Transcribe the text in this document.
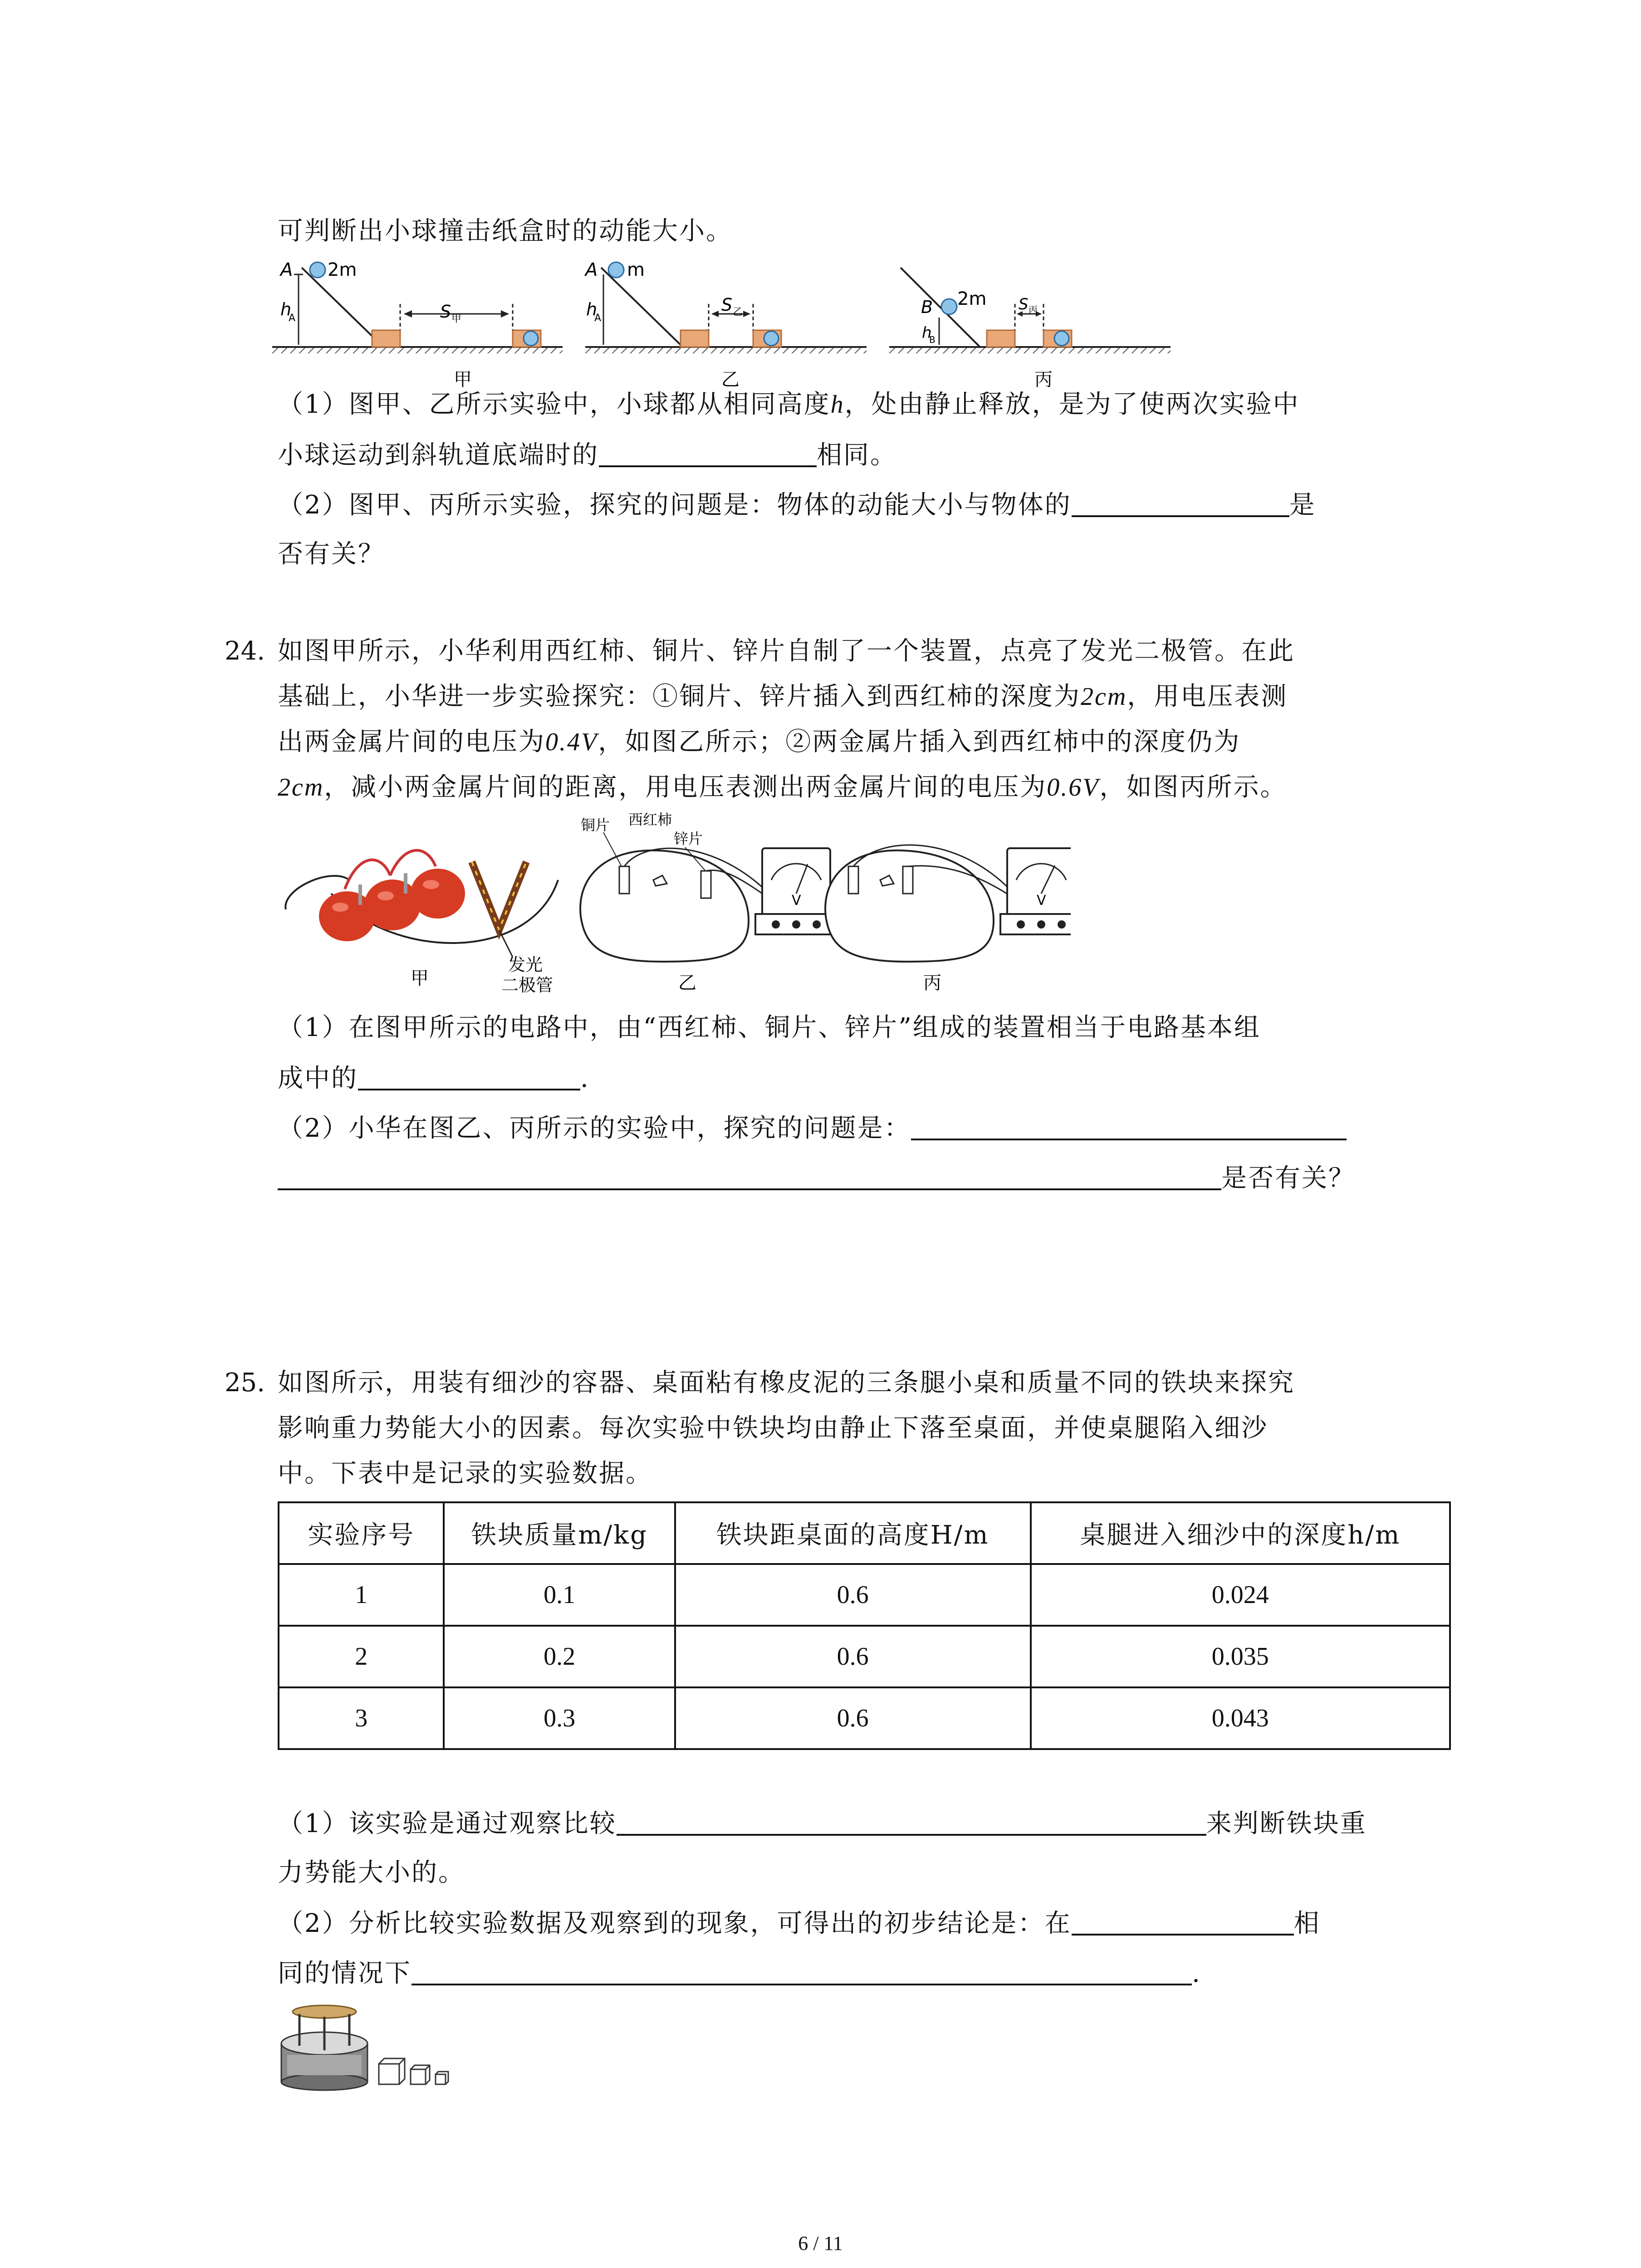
可判断出小球撞击纸盒时的动能大小。
A 2m
h
A	S 甲
甲
A m
h
A
S 乙
乙
B 2m
h
B
S 丙
丙
（1）图甲、乙所示实验中，小球都从相同高度h，处由静止释放，是为了使两次实验中
小球运动到斜轨道底端时的	相同。
（2）图甲、丙所示实验，探究的问题是：物体的动能大小与物体的	是
否有关？
24. 如图甲所示，小华利用西红柿、铜片、锌片自制了一个装置，点亮了发光二极管。在此
基础上，小华进一步实验探究：①铜片、锌片插入到西红柿的深度为2cm，用电压表测
出两金属片间的电压为0.4V，如图乙所示；②两金属片插入到西红柿中的深度仍为
2cm，减小两金属片间的距离，用电压表测出两金属片间的电压为0.6V，如图丙所示。
发光
二极管
甲
铜片 西红柿
锌片
V
乙
V
丙
（1）在图甲所示的电路中，由“西红柿、铜片、锌片”组成的装置相当于电路基本组
成中的	.
（2）小华在图乙、丙所示的实验中，探究的问题是：
是否有关？
25. 如图所示，用装有细沙的容器、桌面粘有橡皮泥的三条腿小桌和质量不同的铁块来探究
影响重力势能大小的因素。每次实验中铁块均由静止下落至桌面，并使桌腿陷入细沙
中。下表中是记录的实验数据。
实验序号	铁块质量m/kg	铁块距桌面的高度H/m	桌腿进入细沙中的深度h/m
1	0.1	0.6	0.024
2	0.2	0.6	0.035
3	0.3	0.6	0.043
（1）该实验是通过观察比较	来判断铁块重
力势能大小的。
（2）分析比较实验数据及观察到的现象，可得出的初步结论是：在	相
同的情况下	.
6 / 11
